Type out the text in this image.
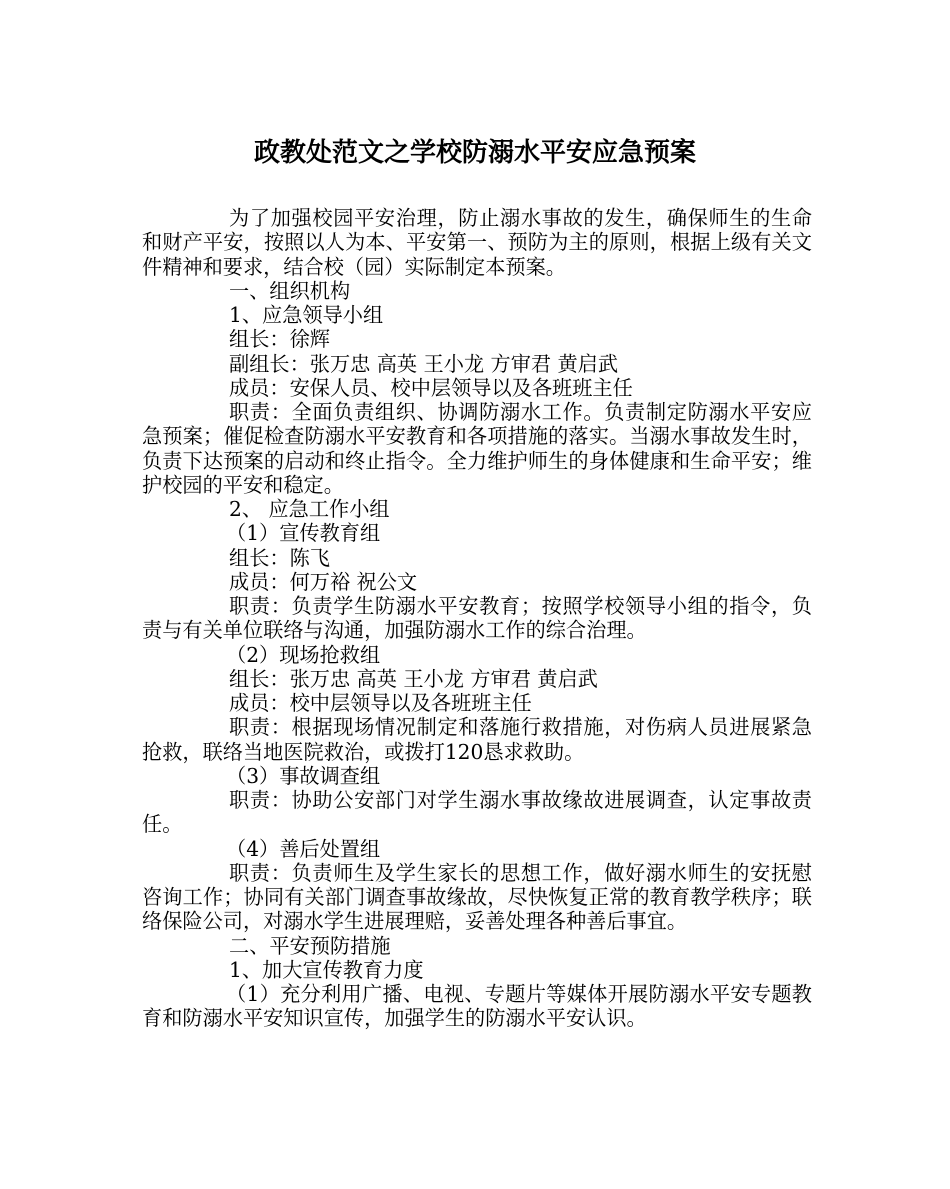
政教处范文之学校防溺水平安应急预案

为了加强校园平安治理，防止溺水事故的发生，确保师生的生命和财产平安，按照以人为本、平安第一、预防为主的原则，根据上级有关文件精神和要求，结合校（园）实际制定本预案。

一、组织机构

1、应急领导小组

组长：徐辉

副组长：张万忠 高英 王小龙 方审君 黄启武

成员：安保人员、校中层领导以及各班班主任

职责：全面负责组织、协调防溺水工作。负责制定防溺水平安应急预案；催促检查防溺水平安教育和各项措施的落实。当溺水事故发生时，负责下达预案的启动和终止指令。全力维护师生的身体健康和生命平安；维护校园的平安和稳定。

2、 应急工作小组

（1）宣传教育组

组长：陈飞

成员：何万裕 祝公文

职责：负责学生防溺水平安教育；按照学校领导小组的指令，负责与有关单位联络与沟通，加强防溺水工作的综合治理。

（2）现场抢救组

组长：张万忠 高英 王小龙 方审君 黄启武

成员：校中层领导以及各班班主任

职责：根据现场情况制定和落施行救措施，对伤病人员进展紧急抢救，联络当地医院救治，或拨打120恳求救助。

（3）事故调查组

职责：协助公安部门对学生溺水事故缘故进展调查，认定事故责任。

（4）善后处置组

职责：负责师生及学生家长的思想工作，做好溺水师生的安抚慰咨询工作；协同有关部门调查事故缘故，尽快恢复正常的教育教学秩序；联络保险公司，对溺水学生进展理赔，妥善处理各种善后事宜。

二、平安预防措施

1、加大宣传教育力度

（1）充分利用广播、电视、专题片等媒体开展防溺水平安专题教育和防溺水平安知识宣传，加强学生的防溺水平安认识。
